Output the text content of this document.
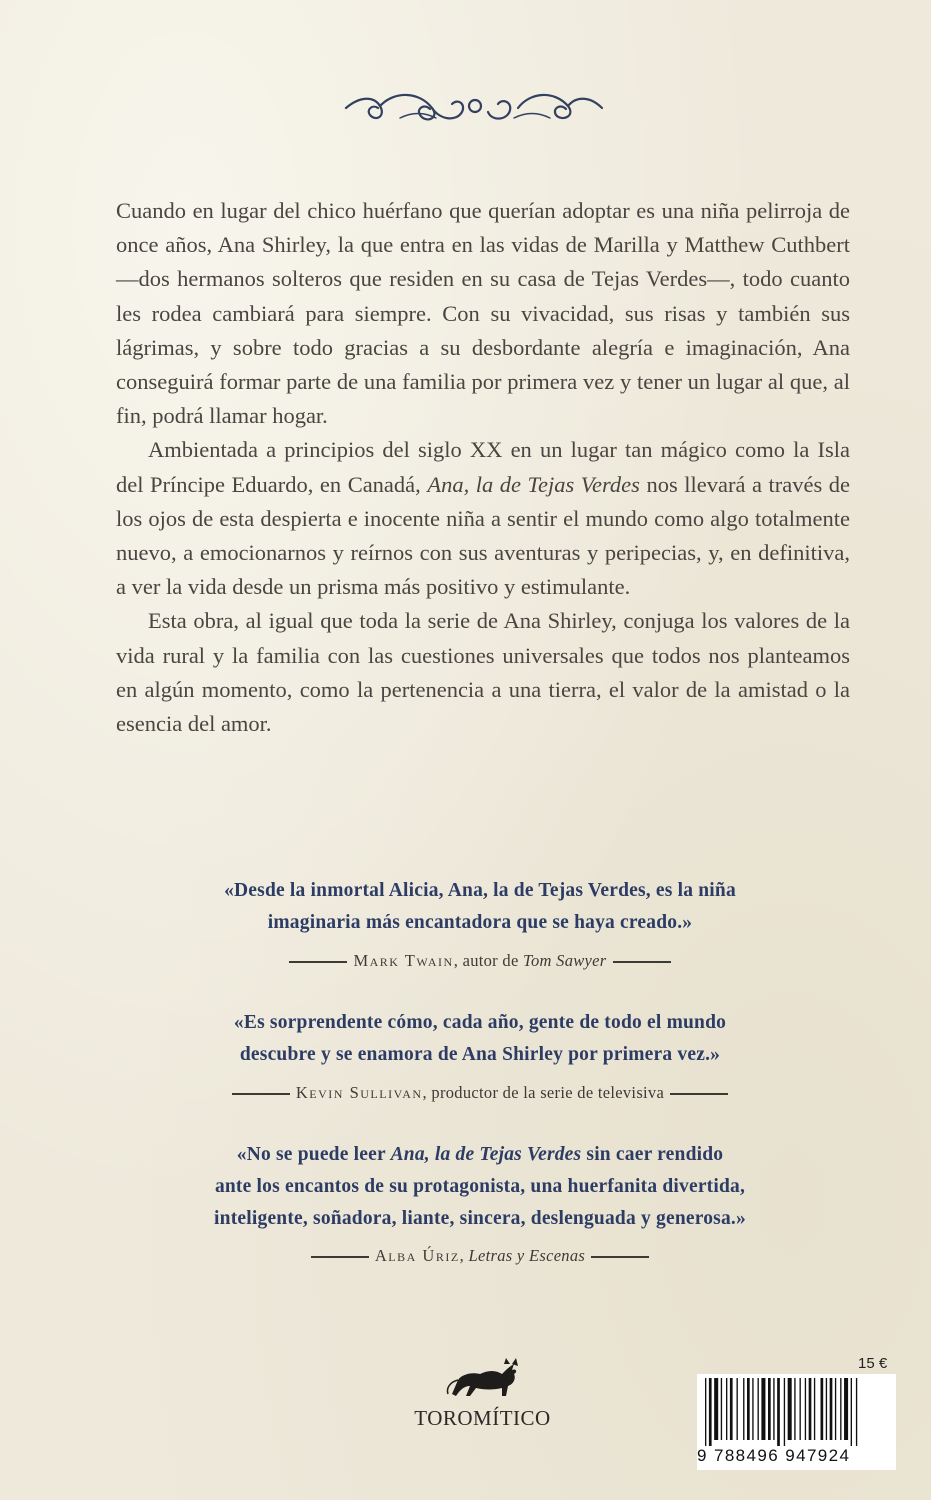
Cuando en lugar del chico huérfano que querían adoptar es una niña pelirroja de once años, Ana Shirley, la que entra en las vidas de Marilla y Matthew Cuthbert —dos hermanos solteros que residen en su casa de Tejas Verdes—, todo cuanto les rodea cambiará para siempre. Con su vivacidad, sus risas y también sus lágrimas, y sobre todo gracias a su desbordante alegría e imaginación, Ana conseguirá formar parte de una familia por primera vez y tener un lugar al que, al fin, podrá llamar hogar.

Ambientada a principios del siglo XX en un lugar tan mágico como la Isla del Príncipe Eduardo, en Canadá, Ana, la de Tejas Verdes nos llevará a través de los ojos de esta despierta e inocente niña a sentir el mundo como algo totalmente nuevo, a emocionarnos y reírnos con sus aventuras y peripecias, y, en definitiva, a ver la vida desde un prisma más positivo y estimulante.

Esta obra, al igual que toda la serie de Ana Shirley, conjuga los valores de la vida rural y la familia con las cuestiones universales que todos nos planteamos en algún momento, como la pertenencia a una tierra, el valor de la amistad o la esencia del amor.

«Desde la inmortal Alicia, Ana, la de Tejas Verdes, es la niña
imaginaria más encantadora que se haya creado.»
Mark Twain, autor de Tom Sawyer
«Es sorprendente cómo, cada año, gente de todo el mundo
descubre y se enamora de Ana Shirley por primera vez.»
Kevin Sullivan, productor de la serie de televisiva
«No se puede leer Ana, la de Tejas Verdes sin caer rendido
ante los encantos de su protagonista, una huerfanita divertida,
inteligente, soñadora, liante, sincera, deslenguada y generosa.»
Alba Úriz, Letras y Escenas
TOROMÍTICO
15 €
9 788496 947924
